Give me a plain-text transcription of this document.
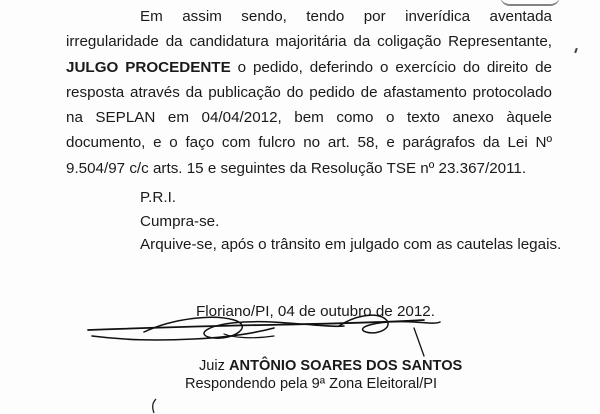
Em assim sendo, tendo por inverídica aventada irregularidade da candidatura majoritária da coligação Representante, JULGO PROCEDENTE o pedido, deferindo o exercício do direito de resposta através da publicação do pedido de afastamento protocolado na SEPLAN em 04/04/2012, bem como o texto anexo àquele documento, e o faço com fulcro no art. 58, e parágrafos da Lei Nº 9.504/97 c/c arts. 15 e seguintes da Resolução TSE nº 23.367/2011.

P.R.I.
Cumpra-se.
Arquive-se, após o trânsito em julgado com as cautelas legais.
Floriano/PI, 04 de outubro de 2012.
Juiz ANTÔNIO SOARES DOS SANTOS
Respondendo pela 9ª Zona Eleitoral/PI
